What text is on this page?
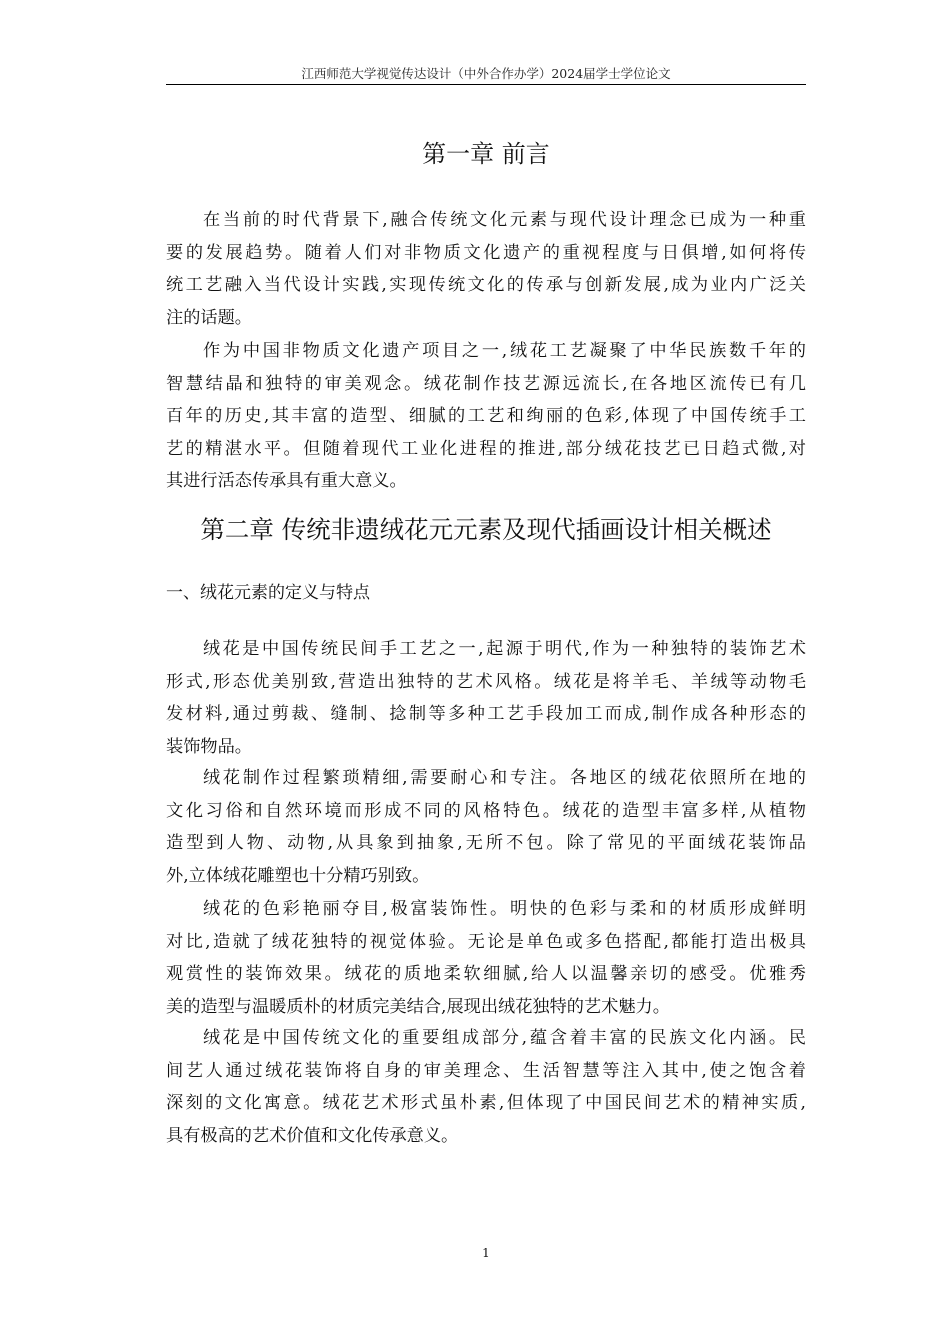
江西师范大学视觉传达设计（中外合作办学）2024届学士学位论文
第一章 前言
在当前的时代背景下,融合传统文化元素与现代设计理念已成为一种重
要的发展趋势。随着人们对非物质文化遗产的重视程度与日俱增,如何将传
统工艺融入当代设计实践,实现传统文化的传承与创新发展,成为业内广泛关
注的话题。
作为中国非物质文化遗产项目之一,绒花工艺凝聚了中华民族数千年的
智慧结晶和独特的审美观念。绒花制作技艺源远流长,在各地区流传已有几
百年的历史,其丰富的造型、细腻的工艺和绚丽的色彩,体现了中国传统手工
艺的精湛水平。但随着现代工业化进程的推进,部分绒花技艺已日趋式微,对
其进行活态传承具有重大意义。
第二章 传统非遗绒花元元素及现代插画设计相关概述
一、绒花元素的定义与特点
绒花是中国传统民间手工艺之一,起源于明代,作为一种独特的装饰艺术
形式,形态优美别致,营造出独特的艺术风格。绒花是将羊毛、羊绒等动物毛
发材料,通过剪裁、缝制、捻制等多种工艺手段加工而成,制作成各种形态的
装饰物品。
绒花制作过程繁琐精细,需要耐心和专注。各地区的绒花依照所在地的
文化习俗和自然环境而形成不同的风格特色。绒花的造型丰富多样,从植物
造型到人物、动物,从具象到抽象,无所不包。除了常见的平面绒花装饰品
外,立体绒花雕塑也十分精巧别致。
绒花的色彩艳丽夺目,极富装饰性。明快的色彩与柔和的材质形成鲜明
对比,造就了绒花独特的视觉体验。无论是单色或多色搭配,都能打造出极具
观赏性的装饰效果。绒花的质地柔软细腻,给人以温馨亲切的感受。优雅秀
美的造型与温暖质朴的材质完美结合,展现出绒花独特的艺术魅力。
绒花是中国传统文化的重要组成部分,蕴含着丰富的民族文化内涵。民
间艺人通过绒花装饰将自身的审美理念、生活智慧等注入其中,使之饱含着
深刻的文化寓意。绒花艺术形式虽朴素,但体现了中国民间艺术的精神实质,
具有极高的艺术价值和文化传承意义。
1
